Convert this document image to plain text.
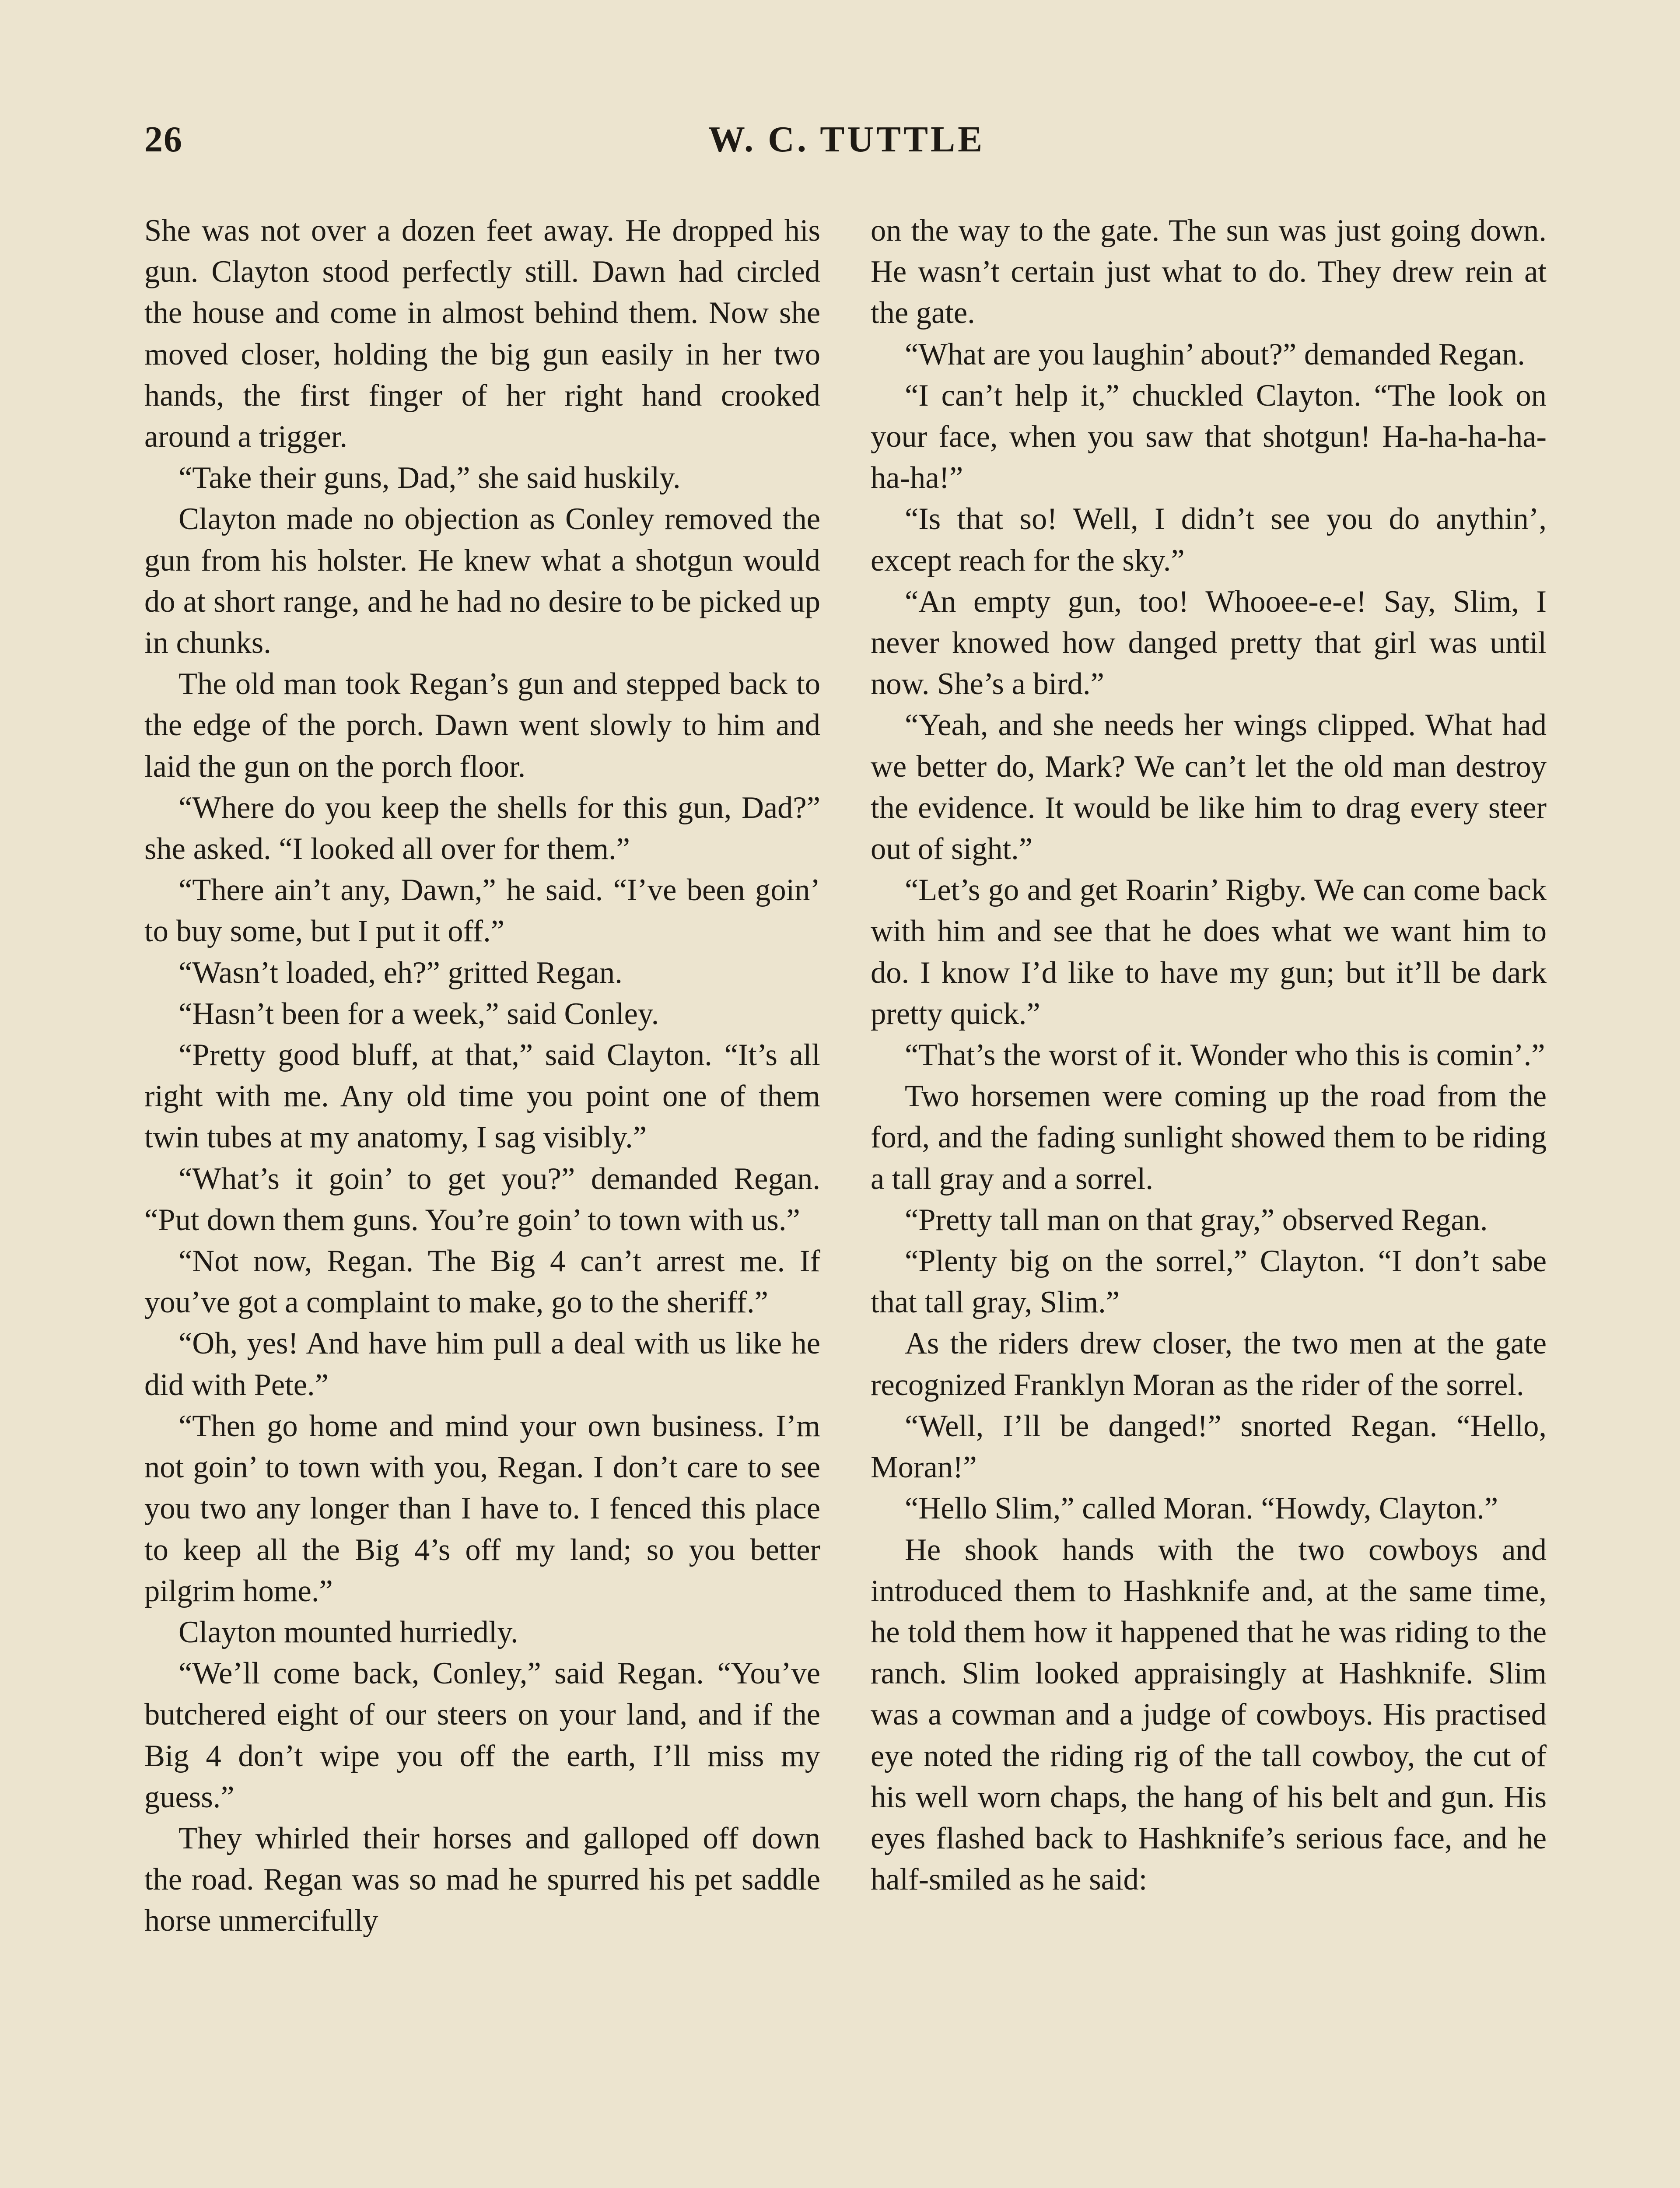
26	W. C. TUTTLE

She was not over a dozen feet away. He dropped his gun. Clayton stood perfectly still. Dawn had circled the house and come in almost behind them. Now she moved closer, holding the big gun easily in her two hands, the first finger of her right hand crooked around a trigger.

“Take their guns, Dad,” she said huskily.

Clayton made no objection as Conley removed the gun from his holster. He knew what a shotgun would do at short range, and he had no desire to be picked up in chunks.

The old man took Regan’s gun and stepped back to the edge of the porch. Dawn went slowly to him and laid the gun on the porch floor.

“Where do you keep the shells for this gun, Dad?” she asked. “I looked all over for them.”

“There ain’t any, Dawn,” he said. “I’ve been goin’ to buy some, but I put it off.”

“Wasn’t loaded, eh?” gritted Regan.

“Hasn’t been for a week,” said Conley.

“Pretty good bluff, at that,” said Clayton. “It’s all right with me. Any old time you point one of them twin tubes at my anatomy, I sag visibly.”

“What’s it goin’ to get you?” demanded Regan. “Put down them guns. You’re goin’ to town with us.”

“Not now, Regan. The Big 4 can’t arrest me. If you’ve got a complaint to make, go to the sheriff.”

“Oh, yes! And have him pull a deal with us like he did with Pete.”

“Then go home and mind your own business. I’m not goin’ to town with you, Regan. I don’t care to see you two any longer than I have to. I fenced this place to keep all the Big 4’s off my land; so you better pilgrim home.”

Clayton mounted hurriedly.

“We’ll come back, Conley,” said Regan. “You’ve butchered eight of our steers on your land, and if the Big 4 don’t wipe you off the earth, I’ll miss my guess.”

They whirled their horses and galloped off down the road. Regan was so mad he spurred his pet saddle horse unmercifully

on the way to the gate. The sun was just going down. He wasn’t certain just what to do. They drew rein at the gate.

“What are you laughin’ about?” demanded Regan.

“I can’t help it,” chuckled Clayton. “The look on your face, when you saw that shotgun! Ha-ha-ha-ha-ha-ha!”

“Is that so! Well, I didn’t see you do anythin’, except reach for the sky.”

“An empty gun, too! Whooee-e-e! Say, Slim, I never knowed how danged pretty that girl was until now. She’s a bird.”

“Yeah, and she needs her wings clipped. What had we better do, Mark? We can’t let the old man destroy the evidence. It would be like him to drag every steer out of sight.”

“Let’s go and get Roarin’ Rigby. We can come back with him and see that he does what we want him to do. I know I’d like to have my gun; but it’ll be dark pretty quick.”

“That’s the worst of it. Wonder who this is comin’.”

Two horsemen were coming up the road from the ford, and the fading sunlight showed them to be riding a tall gray and a sorrel.

“Pretty tall man on that gray,” observed Regan.

“Plenty big on the sorrel,” Clayton. “I don’t sabe that tall gray, Slim.”

As the riders drew closer, the two men at the gate recognized Franklyn Moran as the rider of the sorrel.

“Well, I’ll be danged!” snorted Regan. “Hello, Moran!”

“Hello Slim,” called Moran. “Howdy, Clayton.”

He shook hands with the two cowboys and introduced them to Hashknife and, at the same time, he told them how it happened that he was riding to the ranch. Slim looked appraisingly at Hashknife. Slim was a cowman and a judge of cowboys. His practised eye noted the riding rig of the tall cowboy, the cut of his well worn chaps, the hang of his belt and gun. His eyes flashed back to Hashknife’s serious face, and he half-smiled as he said:
